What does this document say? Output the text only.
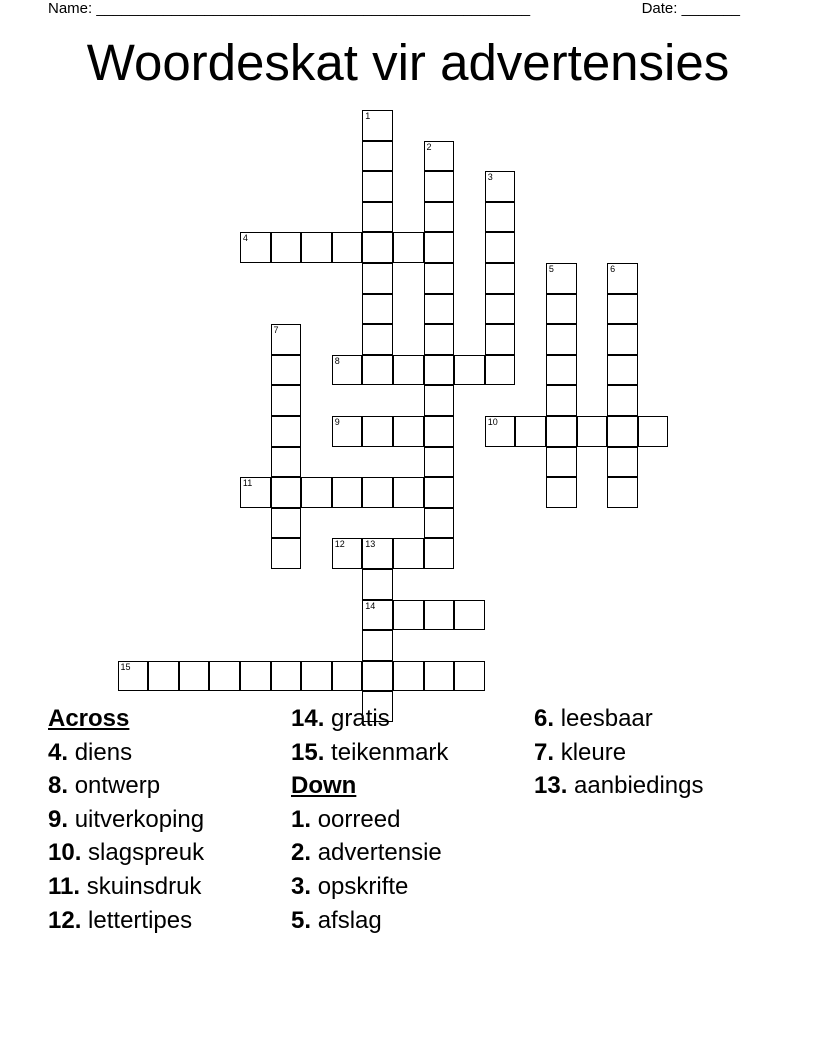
Name: ____________________________________________________	Date: _______
Woordeskat vir advertensies
4
8
9	10
11
12 13
14
15
1
2
3
5	6
7
Across
4. diens
8. ontwerp
9. uitverkoping
10. slagspreuk
11. skuinsdruk
12. lettertipes
14. gratis
15. teikenmark
Down
1. oorreed
2. advertensie
3. opskrifte
5. afslag
6. leesbaar
7. kleure
13. aanbiedings
